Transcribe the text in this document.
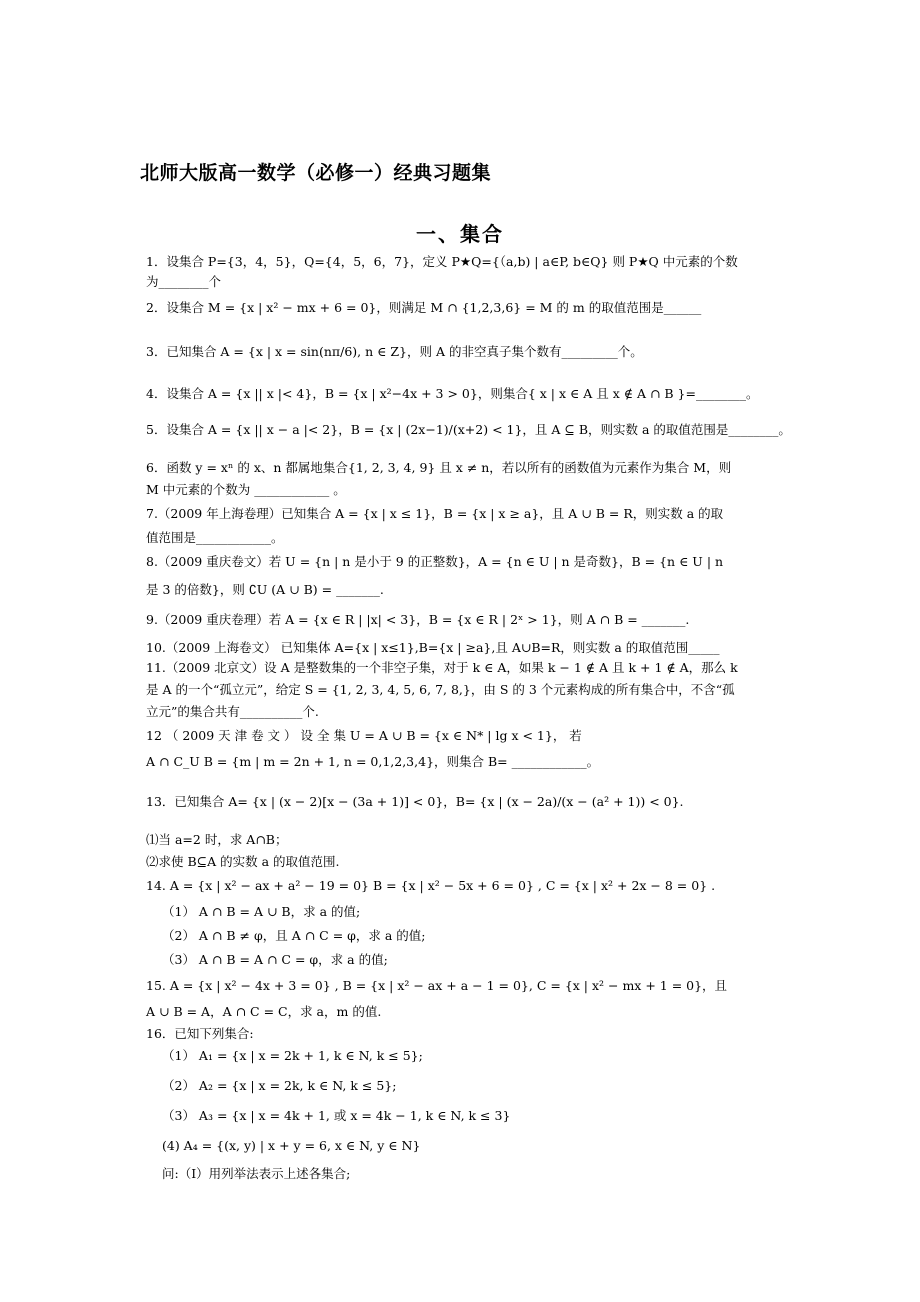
北师大版高一数学（必修一）经典习题集
一、集合
1．设集合 P={3，4，5}，Q={4，5，6，7}，定义 P★Q={（a,b) | a∈P, b∈Q} 则 P★Q 中元素的个数
为________个
2．设集合 M = {x | x² − mx + 6 = 0}，则满足 M ∩ {1,2,3,6} = M 的 m 的取值范围是______
3．已知集合 A = {x | x = sin(nπ/6), n ∈ Z}，则 A 的非空真子集个数有_________个。
4．设集合 A = {x || x |< 4}，B = {x | x²−4x + 3 > 0}，则集合{ x | x ∈ A 且 x ∉ A ∩ B }=________。
5．设集合 A = {x || x − a |< 2}，B = {x | (2x−1)/(x+2) < 1}，且 A ⊆ B，则实数 a 的取值范围是________。
6．函数 y = xⁿ 的 x、n 都属地集合{1, 2, 3, 4, 9} 且 x ≠ n，若以所有的函数值为元素作为集合 M，则
M 中元素的个数为 ____________ 。
7.（2009 年上海卷理）已知集合 A = {x | x ≤ 1}，B = {x | x ≥ a}，且 A ∪ B = R，则实数 a 的取
值范围是____________。
8.（2009 重庆卷文）若 U = {n | n 是小于 9 的正整数}，A = {n ∈ U | n 是奇数}，B = {n ∈ U | n
是 3 的倍数}，则 ∁U (A ∪ B) = _______.
9.（2009 重庆卷理）若 A = {x ∈ R | |x| < 3}，B = {x ∈ R | 2ˣ > 1}，则 A ∩ B = _______.
10.（2009 上海卷文） 已知集体 A={x | x≤1},B={x | ≥a},且 A∪B=R，则实数 a 的取值范围_____
11.（2009 北京文）设 A 是整数集的一个非空子集，对于 k ∈ A，如果 k − 1 ∉ A 且 k + 1 ∉ A，那么 k
是 A 的一个“孤立元”，给定 S = {1, 2, 3, 4, 5, 6, 7, 8,}，由 S 的 3 个元素构成的所有集合中，不含“孤
立元”的集合共有__________个.
12 （ 2009 天 津 卷 文 ） 设 全 集 U = A ∪ B = {x ∈ N* | lg x < 1}， 若
A ∩ C_U B = {m | m = 2n + 1, n = 0,1,2,3,4}，则集合 B= ____________。
13．已知集合 A= {x | (x − 2)[x − (3a + 1)] < 0}，B= {x | (x − 2a)/(x − (a² + 1)) < 0}.
⑴当 a=2 时，求 A∩B；
⑵求使 B⊆A 的实数 a 的取值范围.
14. A = {x | x² − ax + a² − 19 = 0} B = {x | x² − 5x + 6 = 0} , C = {x | x² + 2x − 8 = 0} .
（1） A ∩ B = A ∪ B，求 a 的值;
（2） A ∩ B ≠ φ，且 A ∩ C = φ，求 a 的值;
（3） A ∩ B = A ∩ C = φ，求 a 的值;
15. A = {x | x² − 4x + 3 = 0} , B = {x | x² − ax + a − 1 = 0}, C = {x | x² − mx + 1 = 0}，且
A ∪ B = A，A ∩ C = C，求 a，m 的值.
16．已知下列集合:
（1） A₁ = {x | x = 2k + 1, k ∈ N, k ≤ 5};
（2） A₂ = {x | x = 2k, k ∈ N, k ≤ 5};
（3） A₃ = {x | x = 4k + 1, 或 x = 4k − 1, k ∈ N, k ≤ 3}
(4) A₄ = {(x, y) | x + y = 6, x ∈ N, y ∈ N}
问:（Ⅰ）用列举法表示上述各集合;
